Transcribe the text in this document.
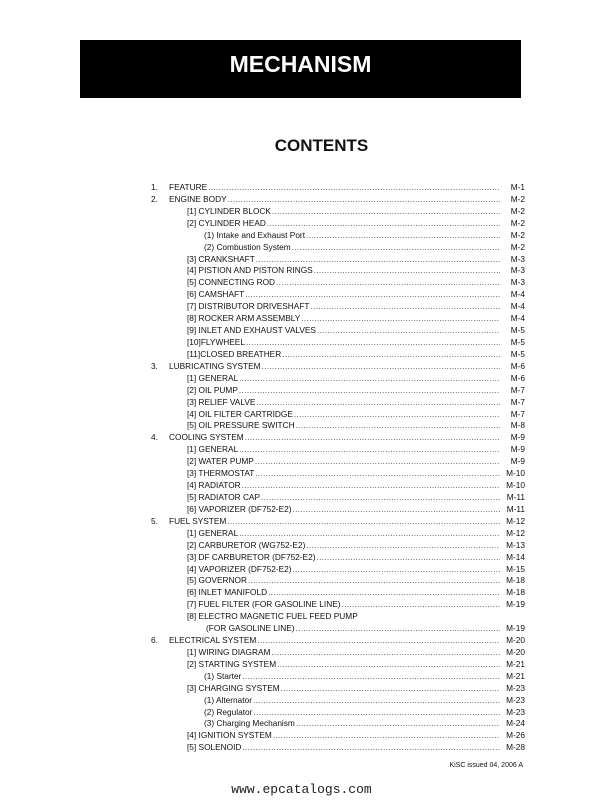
MECHANISM
CONTENTS
1.	FEATURE .....	M-1
2.	ENGINE BODY .....	M-2
[1] CYLINDER BLOCK .....	M-2
[2] CYLINDER HEAD .....	M-2
(1) Intake and Exhaust Port .....	M-2
(2) Combustion System .....	M-2
[3] CRANKSHAFT .....	M-3
[4] PISTION AND PISTON RINGS .....	M-3
[5] CONNECTING ROD .....	M-3
[6] CAMSHAFT .....	M-4
[7] DISTRIBUTOR DRIVESHAFT .....	M-4
[8] ROCKER ARM ASSEMBLY .....	M-4
[9] INLET AND EXHAUST VALVES .....	M-5
[10]FLYWHEEL .....	M-5
[11]CLOSED BREATHER .....	M-5
3.	LUBRICATING SYSTEM .....	M-6
[1] GENERAL .....	M-6
[2] OIL PUMP .....	M-7
[3] RELIEF VALVE .....	M-7
[4] OIL FILTER CARTRIDGE .....	M-7
[5] OIL PRESSURE SWITCH .....	M-8
4.	COOLING SYSTEM .....	M-9
[1] GENERAL .....	M-9
[2] WATER PUMP .....	M-9
[3] THERMOSTAT .....	M-10
[4] RADIATOR .....	M-10
[5] RADIATOR CAP .....	M-11
[6] VAPORIZER (DF752-E2) .....	M-11
5.	FUEL SYSTEM .....	M-12
[1] GENERAL .....	M-12
[2] CARBURETOR (WG752-E2) .....	M-13
[3] DF CARBURETOR (DF752-E2) .....	M-14
[4] VAPORIZER (DF752-E2) .....	M-15
[5] GOVERNOR .....	M-18
[6] INLET MANIFOLD .....	M-18
[7] FUEL FILTER (FOR GASOLINE LINE) .....	M-19
[8] ELECTRO MAGNETIC FUEL FEED PUMP
(FOR GASOLINE LINE) .....	M-19
6.	ELECTRICAL SYSTEM .....	M-20
[1] WIRING DIAGRAM .....	M-20
[2] STARTING SYSTEM .....	M-21
(1) Starter .....	M-21
[3] CHARGING SYSTEM .....	M-23
(1) Alternator .....	M-23
(2) Regulator .....	M-23
(3) Charging Mechanism .....	M-24
[4] IGNITION SYSTEM .....	M-26
[5] SOLENOID .....	M-28
KiSC issued 04, 2006 A
www.epcatalogs.com
